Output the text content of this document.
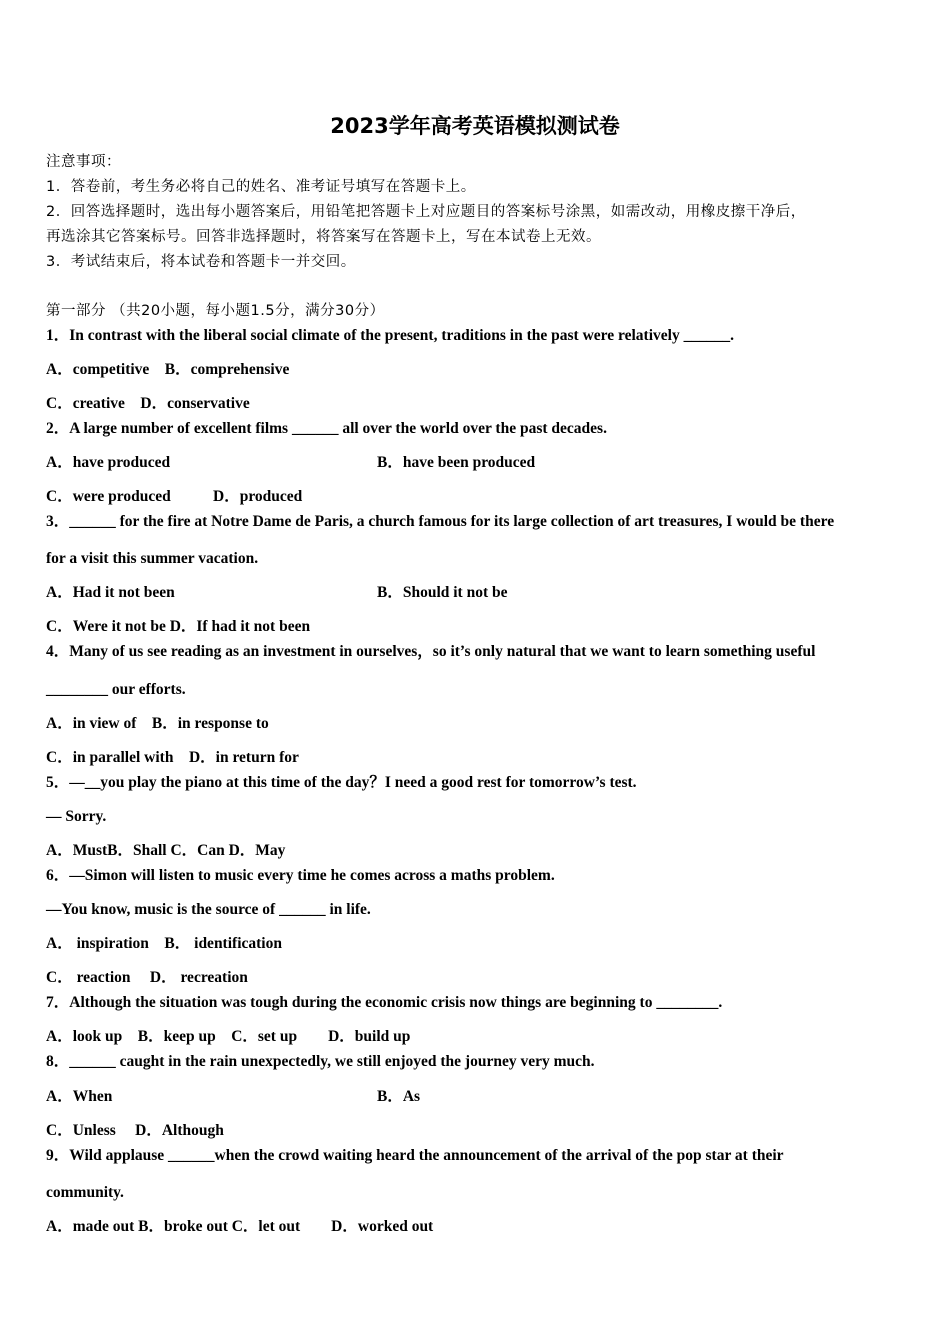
2023学年高考英语模拟测试卷
注意事项：
1．答卷前，考生务必将自己的姓名、准考证号填写在答题卡上。
2．回答选择题时，选出每小题答案后，用铅笔把答题卡上对应题目的答案标号涂黑，如需改动，用橡皮擦干净后，
再选涂其它答案标号。回答非选择题时，将答案写在答题卡上，写在本试卷上无效。
3．考试结束后，将本试卷和答题卡一并交回。
第一部分 （共20小题，每小题1.5分，满分30分）
1．In contrast with the liberal social climate of the present, traditions in the past were relatively ______.
A．competitive　B．comprehensive
C．creative　D．conservative
2．A large number of excellent films ______ all over the world over the past decades.
A．have produced	B．have been produced
C．were produced	D．produced
3．______ for the fire at Notre Dame de Paris, a church famous for its large collection of art treasures, I would be there
for a visit this summer vacation.
A．Had it not been	B．Should it not be
C．Were it not be D．If had it not been
4．Many of us see reading as an investment in ourselves，so it’s only natural that we want to learn something useful
________ our efforts.
A．in view of　B．in response to
C．in parallel with　D．in return for
5．—__you play the piano at this time of the day？I need a good rest for tomorrow’s test.
— Sorry.
A．MustB．Shall C．Can D．May
6．—Simon will listen to music every time he comes across a maths problem.
—You know, music is the source of ______ in life.
A． inspiration　B． identification
C． reaction　 D． recreation
7．Although the situation was tough during the economic crisis now things are beginning to ________.
A．look up　B．keep up　C．set up　　D．build up
8．______ caught in the rain unexpectedly, we still enjoyed the journey very much.
A．When	B．As
C．Unless　 D．Although
9．Wild applause ______when the crowd waiting heard the announcement of the arrival of the pop star at their
community.
A．made out B．broke out C．let out　　D．worked out
